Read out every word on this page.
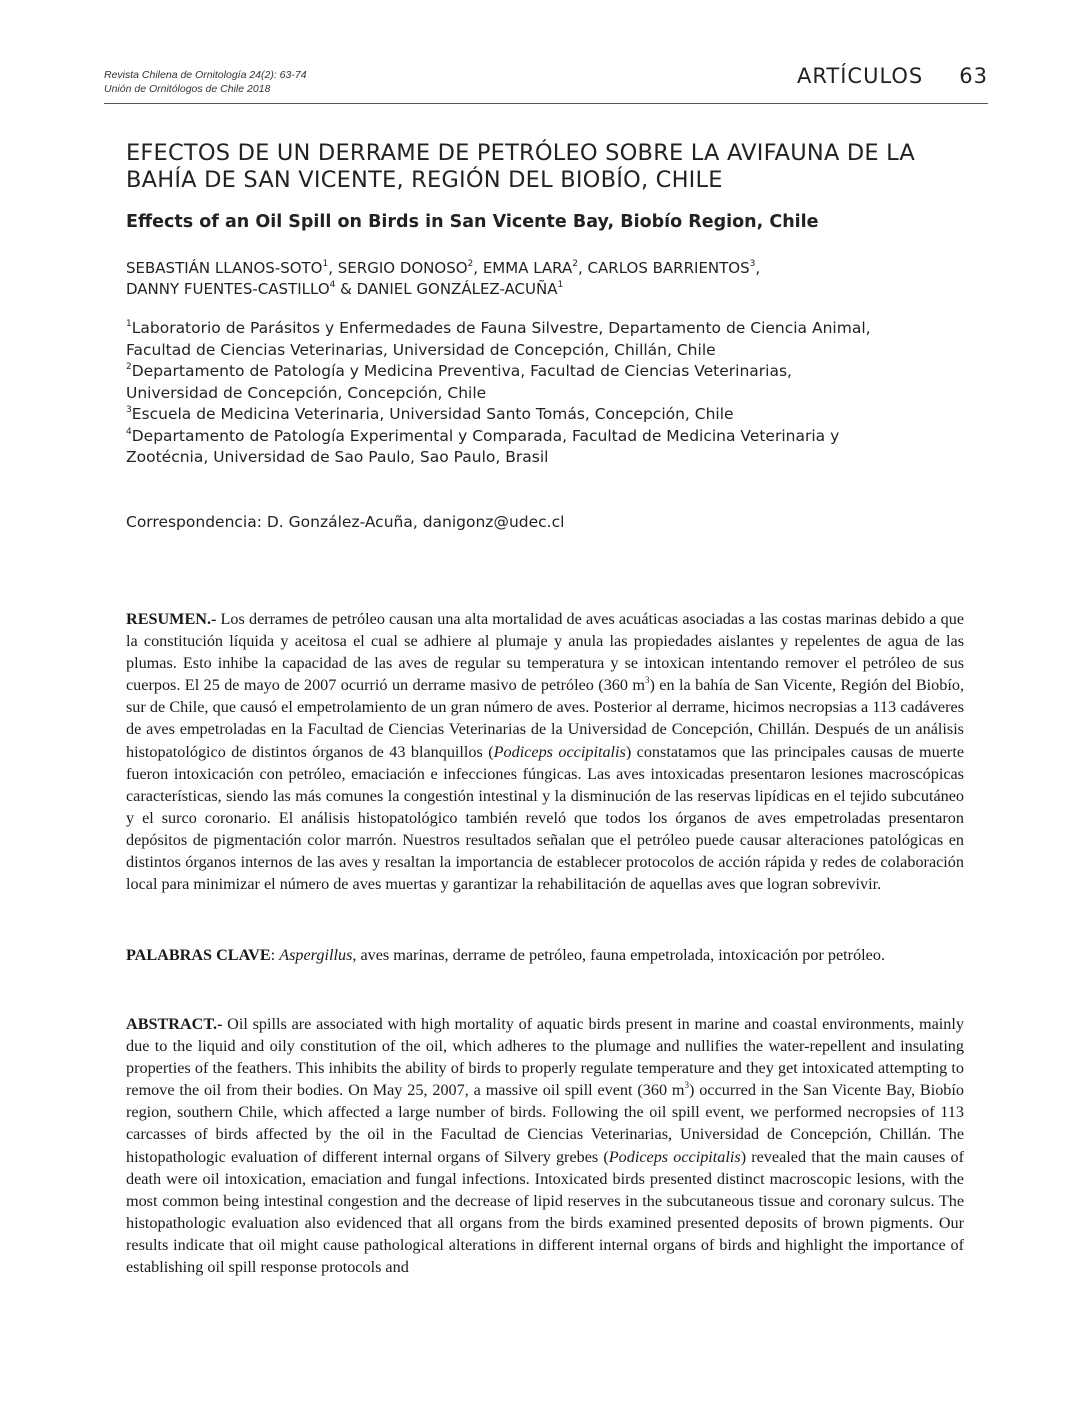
Revista Chilena de Ornitología 24(2): 63-74
Unión de Ornitólogos de Chile 2018
ARTÍCULOS 63
EFECTOS DE UN DERRAME DE PETRÓLEO SOBRE LA AVIFAUNA DE LA
BAHÍA DE SAN VICENTE, REGIÓN DEL BIOBÍO, CHILE
Effects of an Oil Spill on Birds in San Vicente Bay, Biobío Region, Chile
SEBASTIÁN LLANOS-SOTO$^1$, SERGIO DONOSO$^2$, EMMA LARA$^2$, CARLOS BARRIENTOS$^3$,
DANNY FUENTES-CASTILLO$^4$ & DANIEL GONZÁLEZ-ACUÑA$^1$
$^1$Laboratorio de Parásitos y Enfermedades de Fauna Silvestre, Departamento de Ciencia Animal,
Facultad de Ciencias Veterinarias, Universidad de Concepción, Chillán, Chile
$^2$Departamento de Patología y Medicina Preventiva, Facultad de Ciencias Veterinarias,
Universidad de Concepción, Concepción, Chile
$^3$Escuela de Medicina Veterinaria, Universidad Santo Tomás, Concepción, Chile
$^4$Departamento de Patología Experimental y Comparada, Facultad de Medicina Veterinaria y
Zootécnia, Universidad de Sao Paulo, Sao Paulo, Brasil
Correspondencia: D. González-Acuña, danigonz@udec.cl
RESUMEN.- Los derrames de petróleo causan una alta mortalidad de aves acuáticas asociadas a las costas marinas debido a que la constitución líquida y aceitosa el cual se adhiere al plumaje y anula las propiedades aislantes y repelentes de agua de las plumas. Esto inhibe la capacidad de las aves de regular su temperatura y se intoxican intentando remover el petróleo de sus cuerpos. El 25 de mayo de 2007 ocurrió un derrame masivo de petróleo (360 $m^3$) en la bahía de San Vicente, Región del Biobío, sur de Chile, que causó el empetrolamiento de un gran número de aves. Posterior al derrame, hicimos necropsias a 113 cadáveres de aves empetroladas en la Facultad de Ciencias Veterinarias de la Universidad de Concepción, Chillán. Después de un análisis histopatológico de distintos órganos de 43 blanquillos (Podiceps occipitalis) constatamos que las principales causas de muerte fueron intoxicación con petróleo, emaciación e infecciones fúngicas. Las aves intoxicadas presentaron lesiones macroscópicas características, siendo las más comunes la congestión intestinal y la disminución de las reservas lipídicas en el tejido subcutáneo y el surco coronario. El análisis histopatológico también reveló que todos los órganos de aves empetroladas presentaron depósitos de pigmentación color marrón. Nuestros resultados señalan que el petróleo puede causar alteraciones patológicas en distintos órganos internos de las aves y resaltan la importancia de establecer protocolos de acción rápida y redes de colaboración local para minimizar el número de aves muertas y garantizar la rehabilitación de aquellas aves que logran sobrevivir.
PALABRAS CLAVE: Aspergillus, aves marinas, derrame de petróleo, fauna empetrolada, intoxicación por petróleo.
ABSTRACT.- Oil spills are associated with high mortality of aquatic birds present in marine and coastal environments, mainly due to the liquid and oily constitution of the oil, which adheres to the plumage and nullifies the water-repellent and insulating properties of the feathers. This inhibits the ability of birds to properly regulate temperature and they get intoxicated attempting to remove the oil from their bodies. On May 25, 2007, a massive oil spill event (360 $m^3$) occurred in the San Vicente Bay, Biobío region, southern Chile, which affected a large number of birds. Following the oil spill event, we performed necropsies of 113 carcasses of birds affected by the oil in the Facultad de Ciencias Veterinarias, Universidad de Concepción, Chillán. The histopathologic evaluation of different internal organs of Silvery grebes (Podiceps occipitalis) revealed that the main causes of death were oil intoxication, emaciation and fungal infections. Intoxicated birds presented distinct macroscopic lesions, with the most common being intestinal congestion and the decrease of lipid reserves in the subcutaneous tissue and coronary sulcus. The histopathologic evaluation also evidenced that all organs from the birds examined presented deposits of brown pigments. Our results indicate that oil might cause pathological alterations in different internal organs of birds and highlight the importance of establishing oil spill response protocols and
